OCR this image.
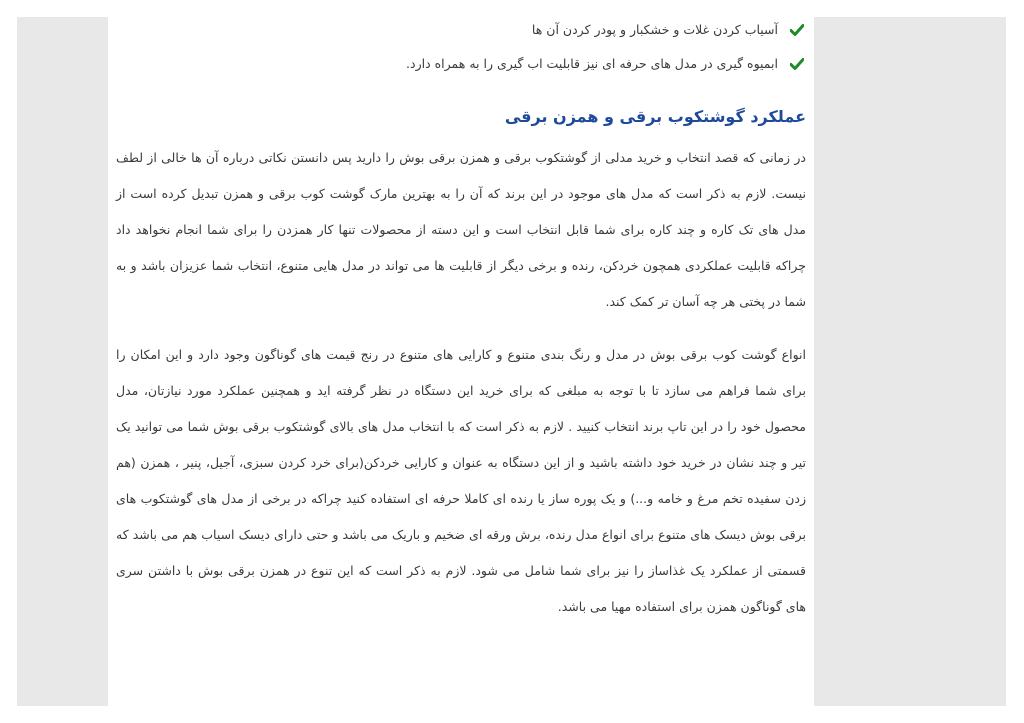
آسیاب کردن غلات و خشکبار و پودر کردن آن ها
ابمیوه گیری در مدل های حرفه ای نیز قابلیت اب گیری را به همراه دارد.
عملکرد گوشتکوب برقی و همزن برقی

در زمانی که قصد انتخاب و خرید مدلی از گوشتکوب برقی و همزن برقی بوش را دارید پس دانستن نکاتی درباره آن ها خالی از لطف نیست. لازم به ذکر است که مدل های موجود در این برند که آن را به بهترین مارک گوشت کوب برقی و همزن تبدیل کرده است از مدل های تک کاره و چند کاره برای شما قابل انتخاب است و این دسته از محصولات تنها کار همزدن را برای شما انجام نخواهد داد چراکه قابلیت عملکردی همچون خردکن، رنده و برخی دیگر از قابلیت ها می تواند در مدل هایی متنوع، انتخاب شما عزیزان باشد و به شما در پختی هر چه آسان تر کمک کند.

انواع گوشت کوب برقی بوش در مدل و رنگ بندی متنوع و کارایی های متنوع در رنج قیمت های گوناگون وجود دارد و این امکان را برای شما فراهم می سازد تا با توجه به مبلغی که برای خرید این دستگاه در نظر گرفته اید و همچنین عملکرد مورد نیازتان، مدل محصول خود را در این تاپ برند انتخاب کنیید . لازم به ذکر است که با انتخاب مدل های بالای گوشتکوب برقی بوش شما می توانید یک تیر و چند نشان در خرید خود داشته باشید و از این دستگاه به عنوان و کارایی خردکن(برای خرد کردن سبزی، آجیل، پنیر ، همزن (هم زدن سفیده تخم مرغ و خامه و...) و یک پوره ساز یا رنده ای کاملا حرفه ای استفاده کنید چراکه در برخی از مدل های گوشتکوب های برقی بوش دیسک های متنوع برای انواع مدل رنده، برش ورقه ای ضخیم و باریک می باشد و حتی دارای دیسک اسیاب هم می باشد که قسمتی از عملکرد یک غذاساز را نیز برای شما شامل می شود. لازم به ذکر است که این تنوع در همزن برقی بوش با داشتن سری های گوناگون همزن برای استفاده مهیا می باشد.
